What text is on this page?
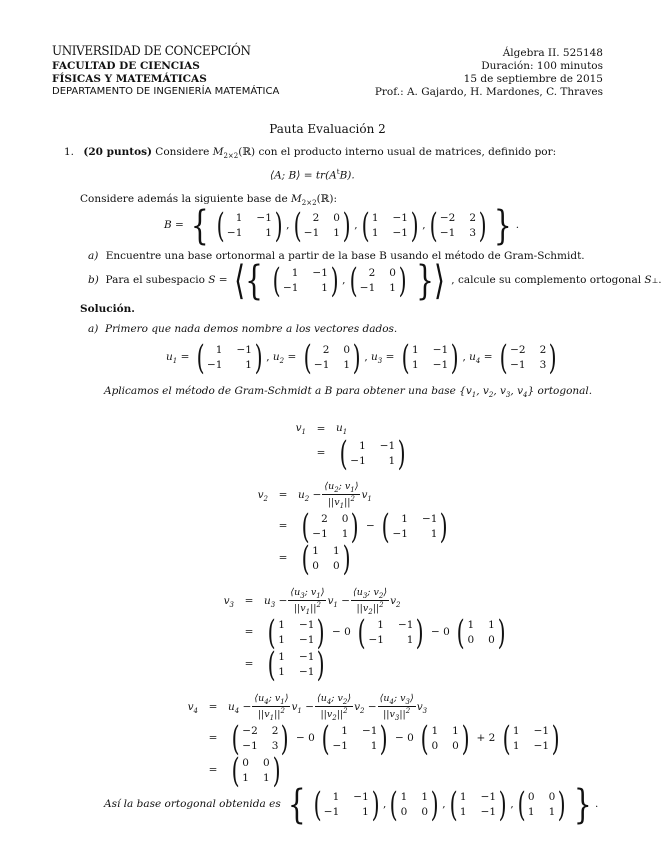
UNIVERSIDAD DE CONCEPCIÓN
FACULTAD DE CIENCIAS
FÍSICAS Y MATEMÁTICAS
DEPARTAMENTO DE INGENIERÍA MATEMÁTICA
Álgebra II. 525148
Duración: 100 minutos
15 de septiembre de 2015
Prof.: A. Gajardo, H. Mardones, C. Thraves
Pauta Evaluación 2
1. (20 puntos) Considere $M_{2\times 2}(ℝ)$ con el producto interno usual de matrices, definido por:
⟨A; B⟩ = $tr(A^tB)$.
Considere además la siguiente base de $M_{2\times 2}(ℝ)$:
B = { (	1 −1
−1	1 ) , (	2 0
−1 1 ) , ( 1 −1
1 −1 ) , ( −2 2
−1 3 ) } .
a) Encuentre una base ortonormal a partir de la base B usando el método de Gram-Schmidt.
b)
Para el subespacio
S = ⟨{ (	1 −1
−1	1 ) , (	2 0
−1 1 ) }⟩ , calcule su complemento ortogonal
S ⊥ .
Solución.
a) Primero que nada demos nombre a los vectores dados.
$u_1$ = (	1 −1
−1	1 ) , $u_2$ = (	2 0
−1 1 ) , $u_3$ = ( 1 −1
1 −1 ) , $u_4$ = ( −2 2
−1 3 )
Aplicamos el método de Gram-Schmidt a B para obtener una base {$v_1$, $v_2$, $v_3$, $v_4$} ortogonal.
$v_1$	=	$u_1$
= (	1 −1
−1	1 )
$v_2$	=	$u_2 - \frac{⟨u_2; v_1⟩}{||v_1||^2} v_1$
= (	2 0
−1 1 ) − (	1 −1
−1	1 )
= ( 1 1
0 0 )
$v_3$	=	$u_3 - \frac{⟨u_3; v_1⟩}{||v_1||^2} v_1 - \frac{⟨u_3; v_2⟩}{||v_2||^2} v_2$
= ( 1 −1
1 −1 ) − 0 (	1 −1
−1	1 ) − 0 ( 1 1
0 0 )
= ( 1 −1
1 −1 )
$v_4$	=	$u_4 - \frac{⟨u_4; v_1⟩}{||v_1||^2} v_1 - \frac{⟨u_4; v_2⟩}{||v_2||^2} v_2 - \frac{⟨u_4; v_3⟩}{||v_3||^2} v_3$
= ( −2 2
−1 3 ) − 0 (	1 −1
−1	1 ) − 0 ( 1 1
0 0 ) + 2 ( 1 −1
1 −1 )
= ( 0 0
1 1 )
Así la base ortogonal obtenida es
{ (	1 −1
−1	1 ) , ( 1 1
0 0 ) , ( 1 −1
1 −1 ) , ( 0 0
1 1 ) } .
